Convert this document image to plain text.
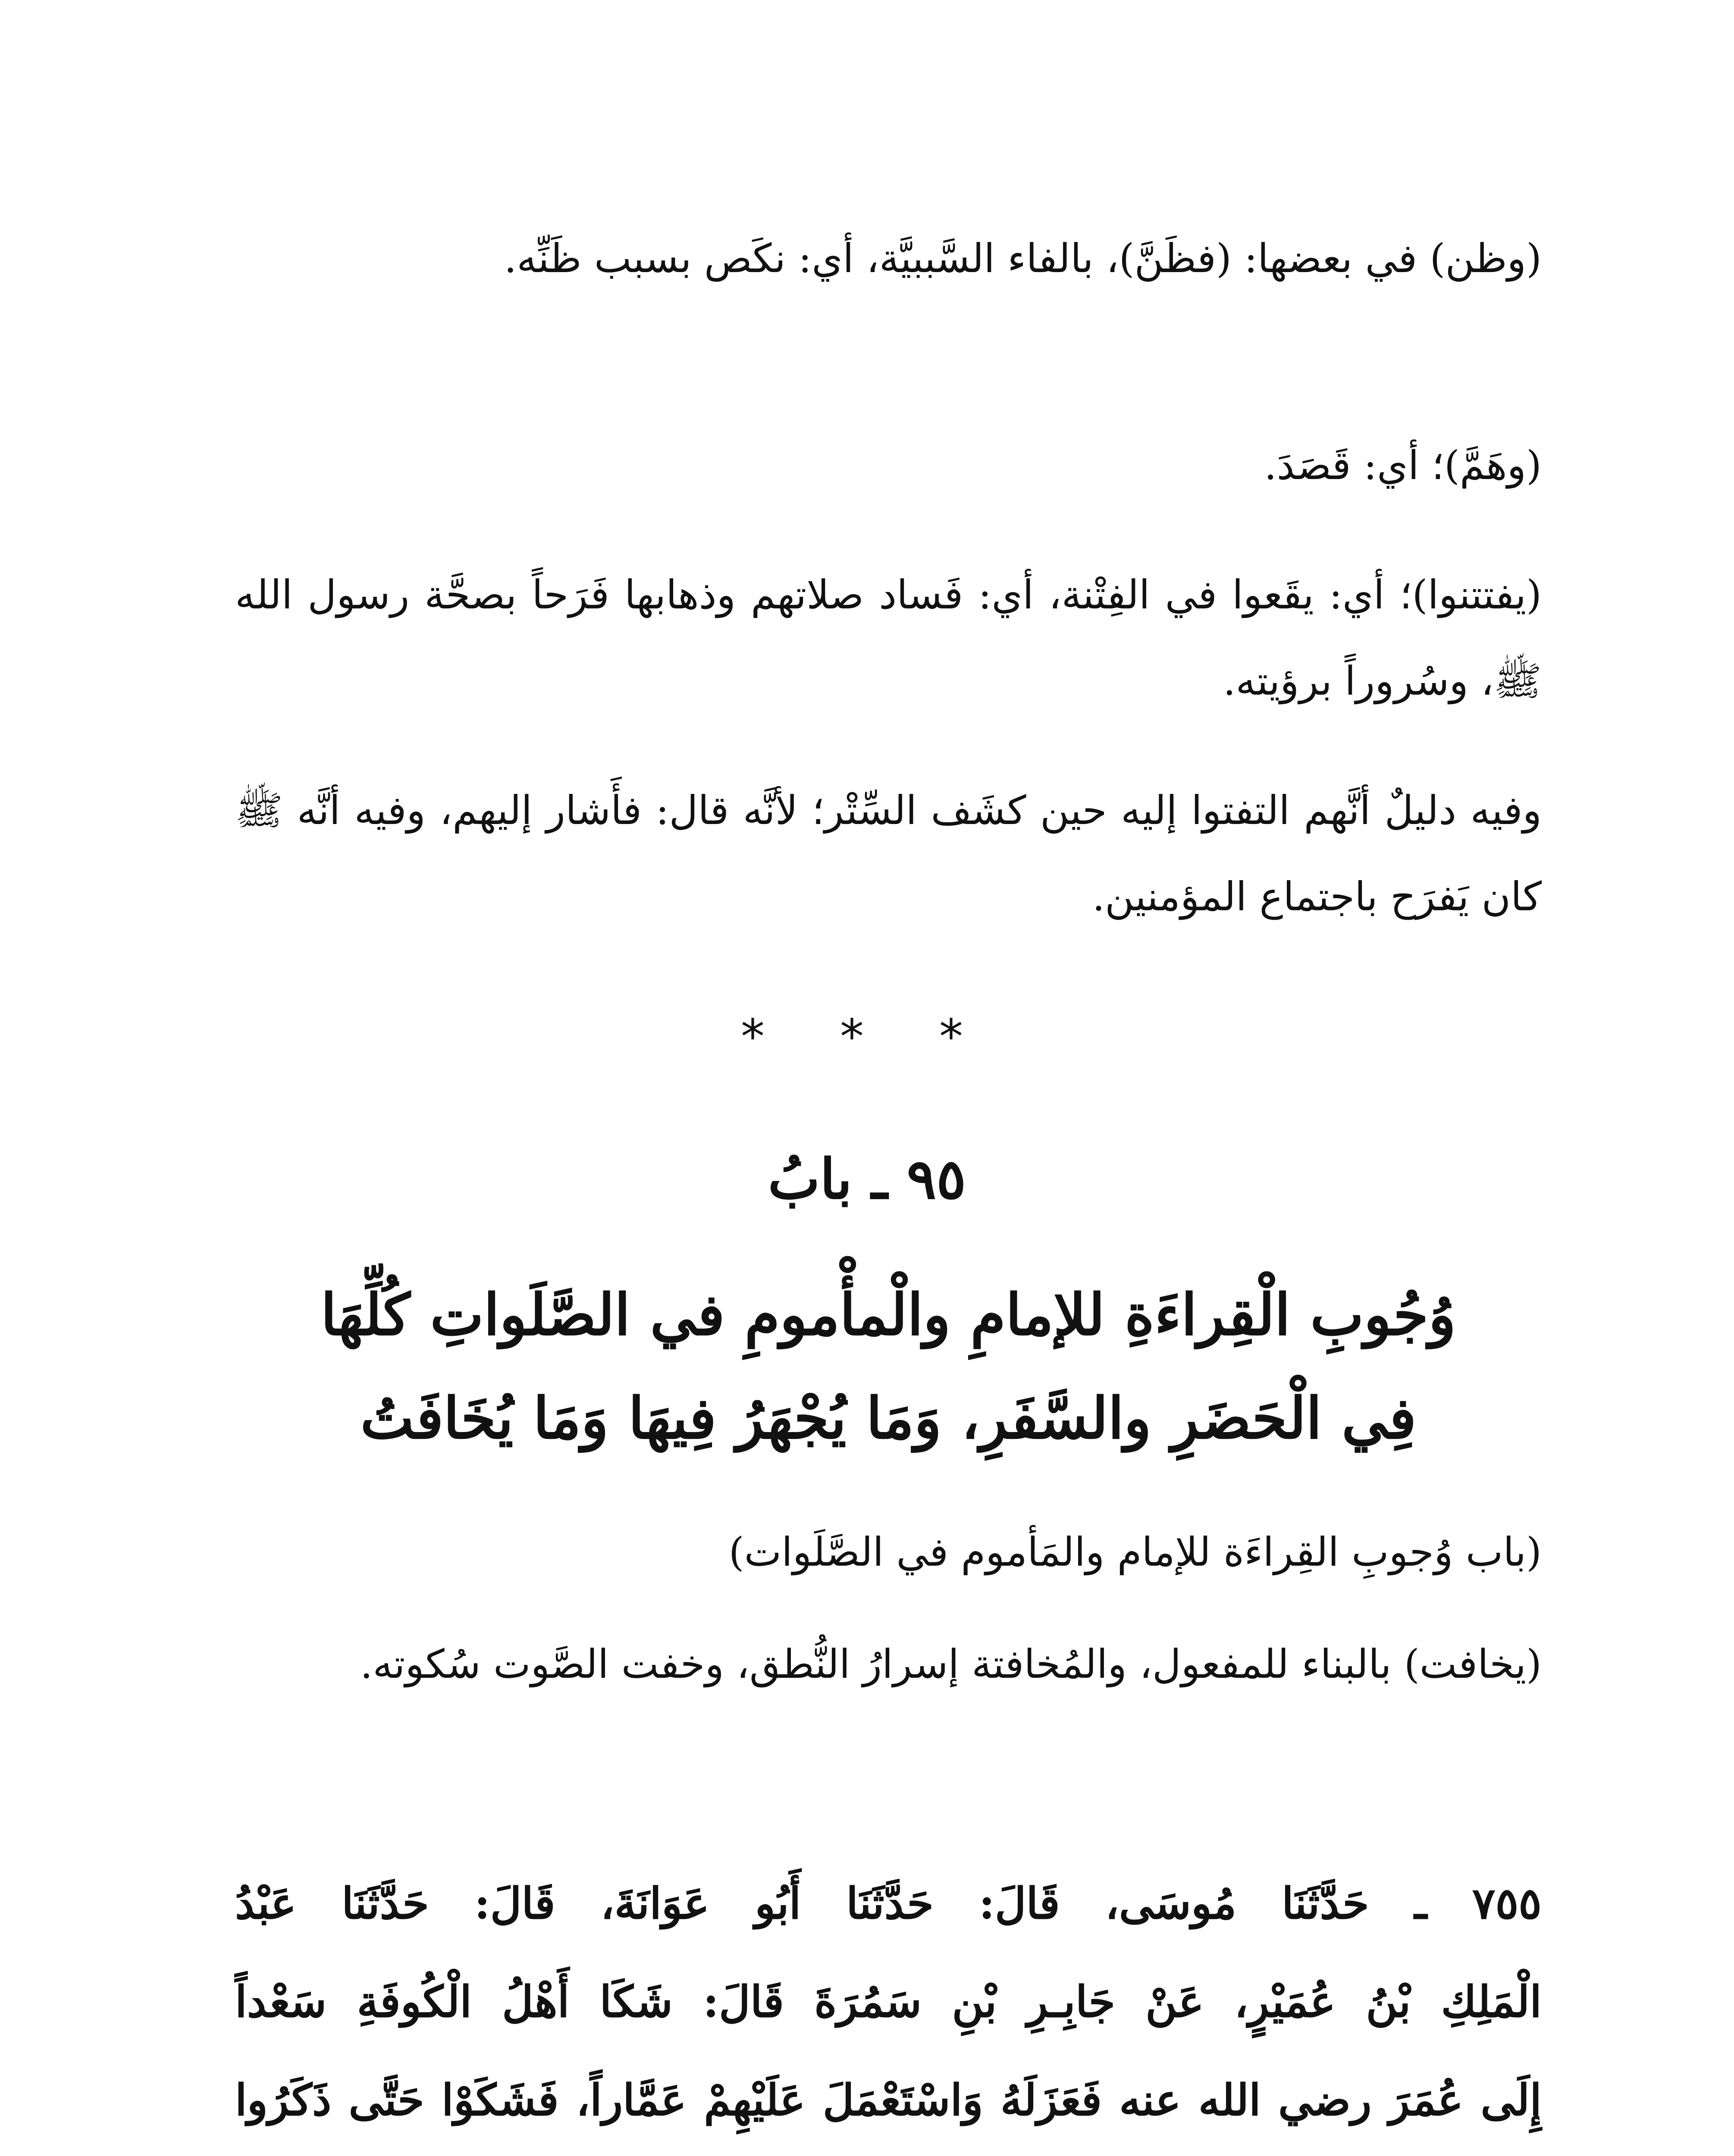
(وظن) في بعضها: (فظَنَّ)، بالفاء السَّببيَّة، أي: نكَص بسبب ظَنِّه.

(وهَمَّ)؛ أي: قَصَدَ.

(يفتتنوا)؛ أي: يقَعوا في الفِتْنة، أي: فَساد صلاتهم وذهابها فَرَحاً بصحَّة رسول الله ﷺ، وسُروراً برؤيته.

وفيه دليلٌ أنَّهم التفتوا إليه حين كشَف السِّتْر؛ لأنَّه قال: فأَشار إليهم، وفيه أنَّه ﷺ كان يَفرَح باجتماع المؤمنين.

* * *
٩٥ ـ بابُ

وُجُوبِ الْقِراءَةِ للإمامِ والْمأْمومِ في الصَّلَواتِ كُلِّهَا

فِي الْحَضَرِ والسَّفَرِ، وَمَا يُجْهَرُ فِيهَا وَمَا يُخَافَتُ

(باب وُجوبِ القِراءَة للإمام والمَأموم في الصَّلَوات)

(يخافت) بالبناء للمفعول، والمُخافتة إسرارُ النُّطق، وخفت الصَّوت سُكوته.

٧٥٥ ـ حَدَّثَنَا مُوسَى، قَالَ: حَدَّثَنَا أَبُو عَوَانَةَ، قَالَ: حَدَّثَنَا عَبْدُ

الْمَلِكِ بْنُ عُمَيْرٍ، عَنْ جَابِـرِ بْنِ سَمُرَةَ قَالَ: شَكَا أَهْلُ الْكُوفَةِ سَعْداً

إِلَى عُمَرَ رضي الله عنه فَعَزَلَهُ وَاسْتَعْمَلَ عَلَيْهِمْ عَمَّاراً، فَشَكَوْا حَتَّى ذَكَرُوا
